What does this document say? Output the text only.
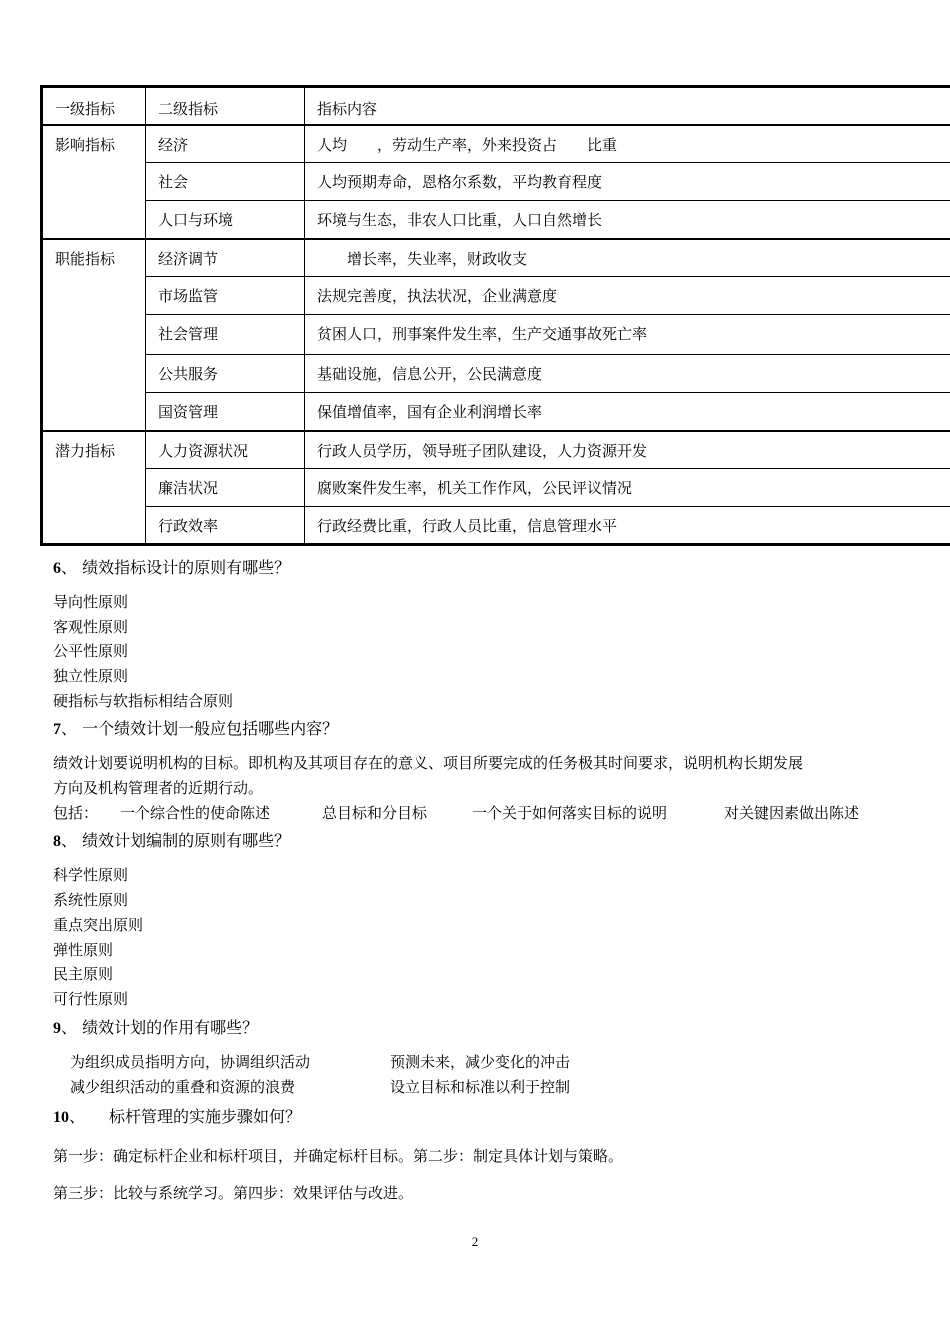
一级指标	二级指标	指标内容
影响指标	经济	人均　　，劳动生产率，外来投资占　　比重
	社会	人均预期寿命，恩格尔系数，平均教育程度
	人口与环境	环境与生态，非农人口比重，人口自然增长
职能指标	经济调节	　　增长率，失业率，财政收支
	市场监管	法规完善度，执法状况，企业满意度
	社会管理	贫困人口，刑事案件发生率，生产交通事故死亡率
	公共服务	基础设施，信息公开，公民满意度
	国资管理	保值增值率，国有企业利润增长率
潜力指标	人力资源状况	行政人员学历，领导班子团队建设，人力资源开发
	廉洁状况	腐败案件发生率，机关工作作风，公民评议情况
	行政效率	行政经费比重，行政人员比重，信息管理水平
6、 绩效指标设计的原则有哪些？
导向性原则
客观性原则
公平性原则
独立性原则
硬指标与软指标相结合原则
7、 一个绩效计划一般应包括哪些内容？
绩效计划要说明机构的目标。即机构及其项目存在的意义、项目所要完成的任务极其时间要求，说明机构长期发展
方向及机构管理者的近期行动。
包括： 一个综合性的使命陈述	总目标和分目标	一个关于如何落实目标的说明	对关键因素做出陈述
8、 绩效计划编制的原则有哪些？
科学性原则
系统性原则
重点突出原则
弹性原则
民主原则
可行性原则
9、 绩效计划的作用有哪些？
为组织成员指明方向，协调组织活动	预测未来，减少变化的冲击
减少组织活动的重叠和资源的浪费	设立目标和标准以利于控制
10、　　标杆管理的实施步骤如何？
第一步：确定标杆企业和标杆项目，并确定标杆目标。第二步：制定具体计划与策略。
第三步：比较与系统学习。第四步：效果评估与改进。
2
